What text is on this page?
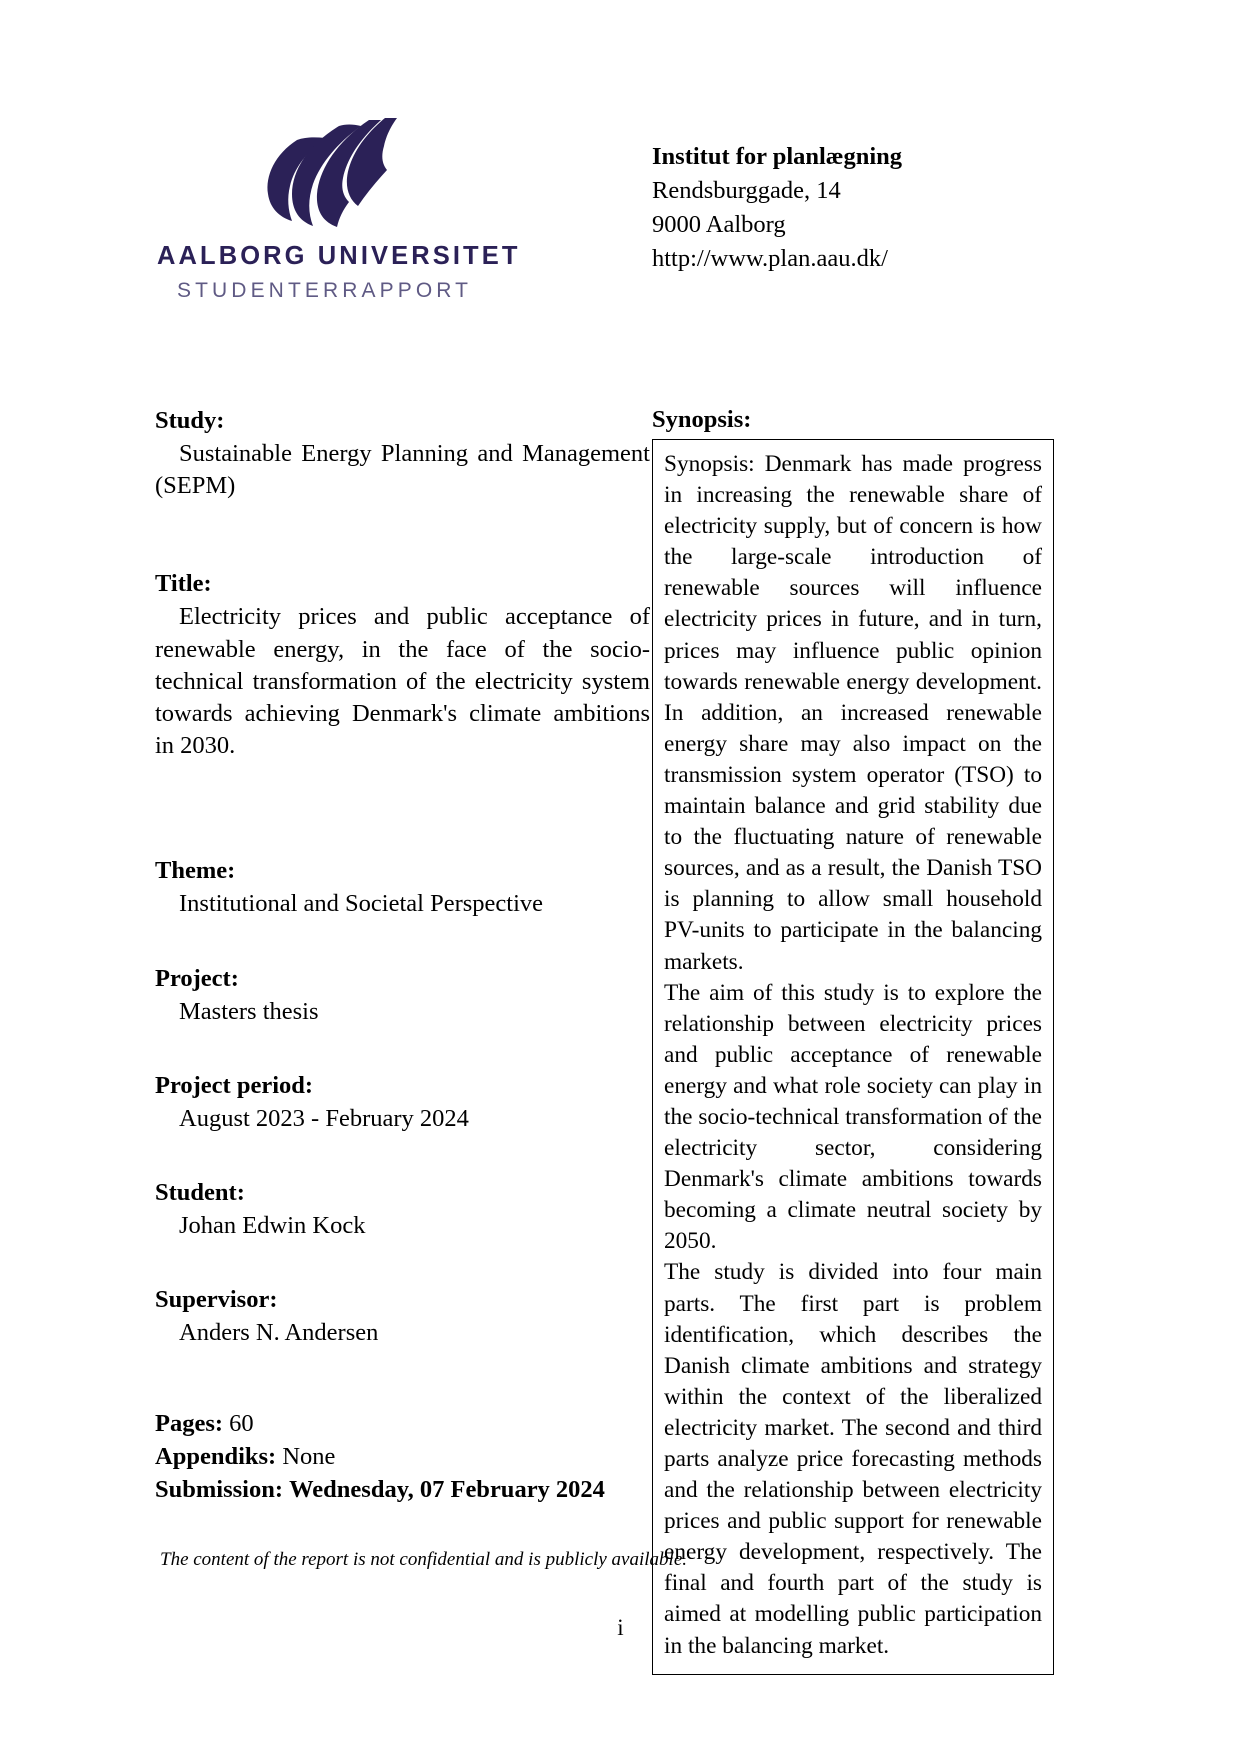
AALBORG UNIVERSITET
STUDENTERRAPPORT
Institut for planlægning
Rendsburggade, 14
9000 Aalborg
http://www.plan.aau.dk/

Study:

Sustainable Energy Planning and Management (SEPM)

Title:

Electricity prices and public acceptance of renewable energy, in the face of the socio-technical transformation of the electricity system towards achieving Denmark's climate ambitions in 2030.

Theme:

Institutional and Societal Perspective

Project:

Masters thesis

Project period:

August 2023 - February 2024

Student:

Johan Edwin Kock

Supervisor:

Anders N. Andersen

Pages: 60

Appendiks: None

Submission: Wednesday, 07 February 2024

Synopsis:

Synopsis: Denmark has made progress in increasing the renewable share of electricity supply, but of concern is how the large-scale introduction of renewable sources will influence electricity prices in future, and in turn, prices may influence public opinion towards renewable energy development. In addition, an increased renewable energy share may also impact on the transmission system operator (TSO) to maintain balance and grid stability due to the fluctuating nature of renewable sources, and as a result, the Danish TSO is planning to allow small household PV-units to participate in the balancing markets.

The aim of this study is to explore the relationship between electricity prices and public acceptance of renewable energy and what role society can play in the socio-technical transformation of the electricity sector, considering Denmark's climate ambitions towards becoming a climate neutral society by 2050.

The study is divided into four main parts. The first part is problem identification, which describes the Danish climate ambitions and strategy within the context of the liberalized electricity market. The second and third parts analyze price forecasting methods and the relationship between electricity prices and public support for renewable energy development, respectively. The final and fourth part of the study is aimed at modelling public participation in the balancing market.

The content of the report is not confidential and is publicly available.
i
